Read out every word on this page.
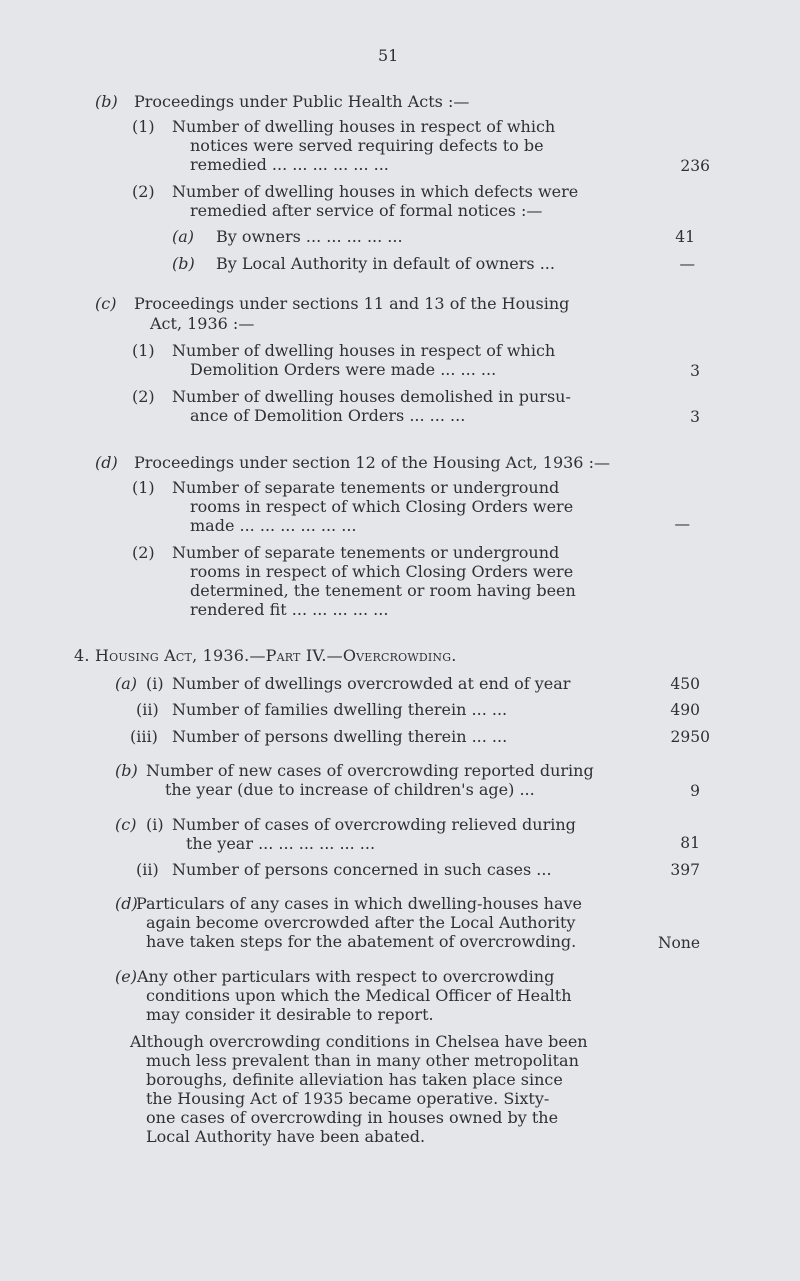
51
(b) Proceedings under Public Health Acts :—
(1) Number of dwelling houses in respect of which
notices were served requiring defects to be
remedied ... ... ... ... ... ...	236
(2) Number of dwelling houses in which defects were
remedied after service of formal notices :—
(a) By owners ... ... ... ... ...	41
(b) By Local Authority in default of owners ...	—
(c) Proceedings under sections 11 and 13 of the Housing
Act, 1936 :—
(1) Number of dwelling houses in respect of which
Demolition Orders were made ... ... ...	3
(2) Number of dwelling houses demolished in pursu-
ance of Demolition Orders ... ... ...	3
(d) Proceedings under section 12 of the Housing Act, 1936 :—
(1) Number of separate tenements or underground
rooms in respect of which Closing Orders were
made ... ... ... ... ... ...	—
(2) Number of separate tenements or underground
rooms in respect of which Closing Orders were
determined, the tenement or room having been
rendered fit ... ... ... ... ...
4. Housing Act, 1936.—Part IV.—Overcrowding.
(a) (i) Number of dwellings overcrowded at end of year	450
(ii) Number of families dwelling therein ... ...	490
(iii) Number of persons dwelling therein ... ...	2950
(b) Number of new cases of overcrowding reported during
the year (due to increase of children's age) ...	9
(c) (i) Number of cases of overcrowding relieved during
the year ... ... ... ... ... ...	81
(ii) Number of persons concerned in such cases ...	397
(d)
Particulars of any cases in which dwelling-houses have
again become overcrowded after the Local Authority
have taken steps for the abatement of overcrowding.	None
(e) Any other particulars with respect to overcrowding
conditions upon which the Medical Officer of Health
may consider it desirable to report.
Although overcrowding conditions in Chelsea have been
much less prevalent than in many other metropolitan
boroughs, definite alleviation has taken place since
the Housing Act of 1935 became operative. Sixty-
one cases of overcrowding in houses owned by the
Local Authority have been abated.
